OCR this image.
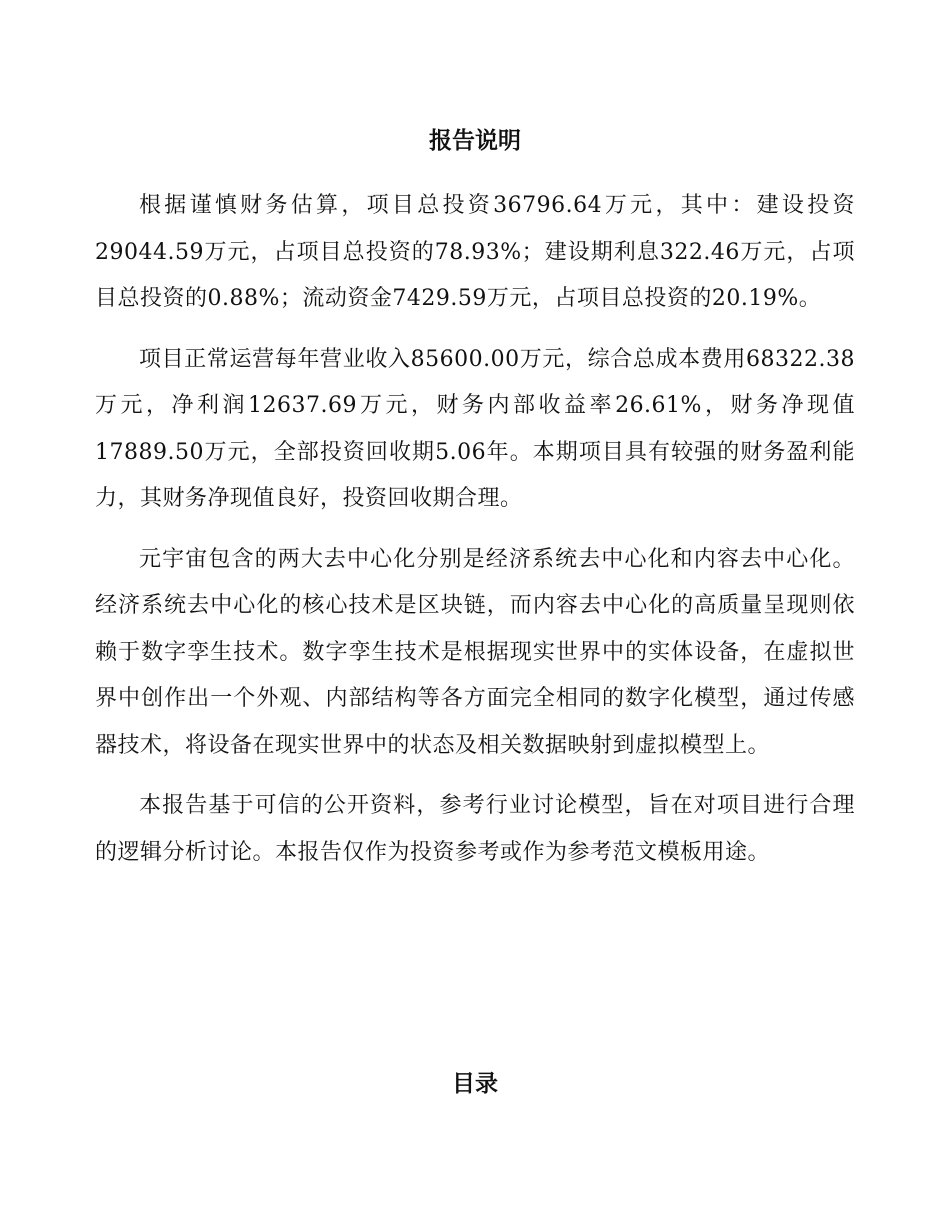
报告说明

根据谨慎财务估算，项目总投资36796.64万元，其中：建设投资29044.59万元，占项目总投资的78.93%；建设期利息322.46万元，占项目总投资的0.88%；流动资金7429.59万元，占项目总投资的20.19%。

项目正常运营每年营业收入85600.00万元，综合总成本费用68322.38万元，净利润12637.69万元，财务内部收益率26.61%，财务净现值17889.50万元，全部投资回收期5.06年。本期项目具有较强的财务盈利能力，其财务净现值良好，投资回收期合理。

元宇宙包含的两大去中心化分别是经济系统去中心化和内容去中心化。经济系统去中心化的核心技术是区块链，而内容去中心化的高质量呈现则依赖于数字孪生技术。数字孪生技术是根据现实世界中的实体设备，在虚拟世界中创作出一个外观、内部结构等各方面完全相同的数字化模型，通过传感器技术，将设备在现实世界中的状态及相关数据映射到虚拟模型上。

本报告基于可信的公开资料，参考行业讨论模型，旨在对项目进行合理的逻辑分析讨论。本报告仅作为投资参考或作为参考范文模板用途。

目录
